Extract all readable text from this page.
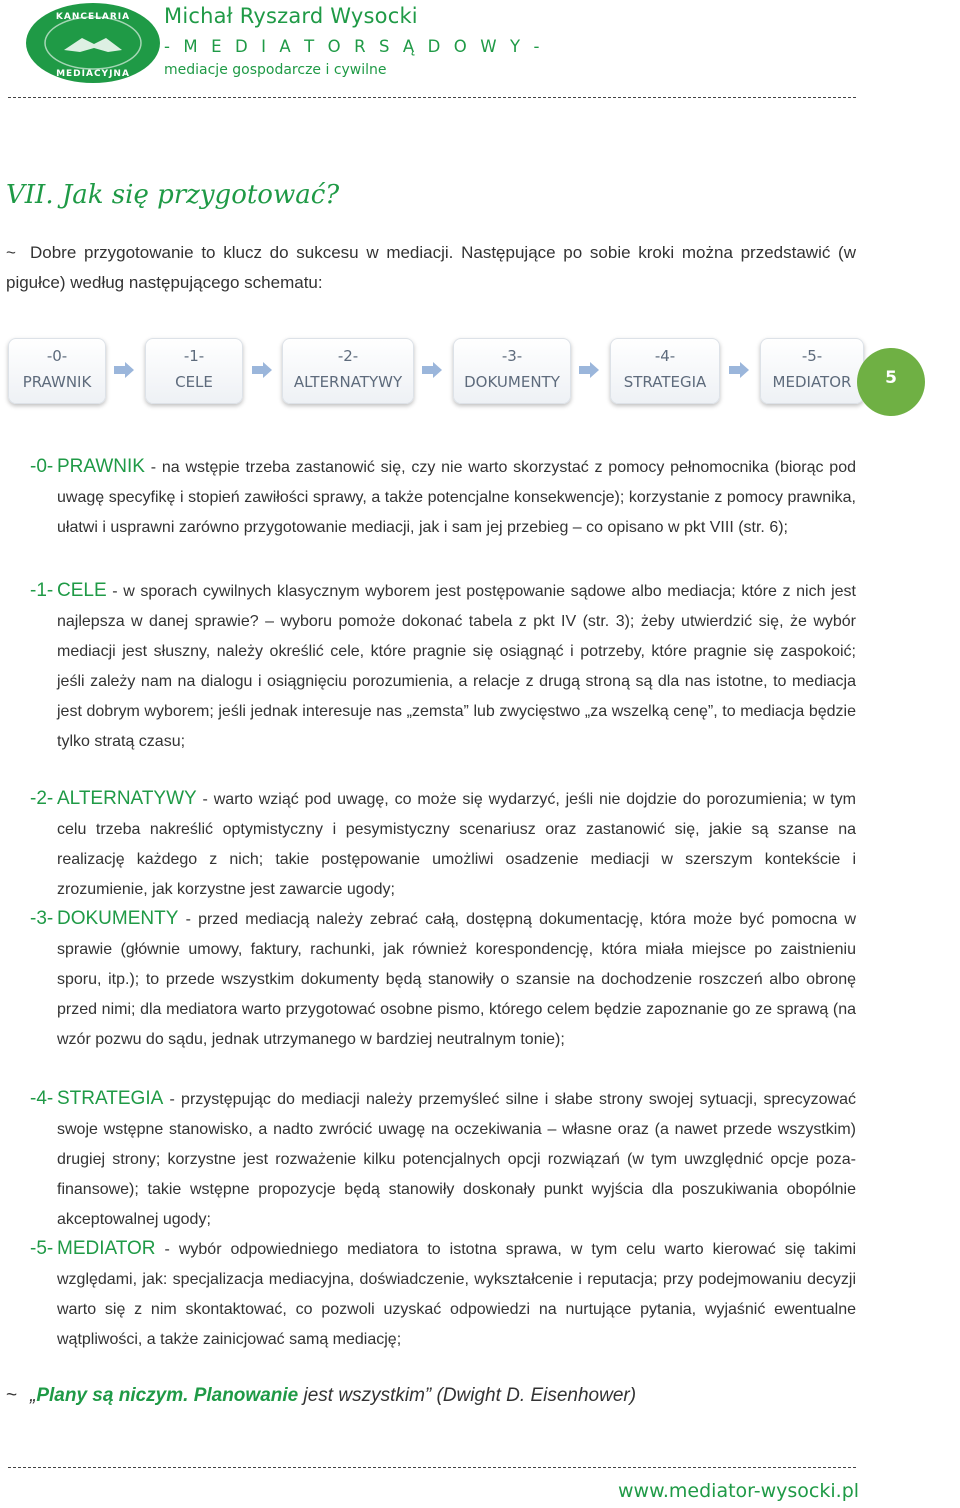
KANCELARIA
MEDIACYJNA
Michał Ryszard Wysocki
- M E D I A T O R S Ą D O W Y -
mediacje gospodarcze i cywilne
VII. Jak się przygotować?
~ Dobre przygotowanie to klucz do sukcesu w mediacji. Następujące po sobie kroki można przedstawić (w pigułce) według następującego schematu:
-0-
PRAWNIK
-1-
CELE
-2-
ALTERNATYWY
-3-
DOKUMENTY
-4-
STRATEGIA
-5-
MEDIATOR	5
-0- PRAWNIK - na wstępie trzeba zastanowić się, czy nie warto skorzystać z pomocy pełnomocnika (biorąc pod uwagę specyfikę i stopień zawiłości sprawy, a także potencjalne konsekwencje); korzystanie z pomocy prawnika, ułatwi i usprawni zarówno przygotowanie mediacji, jak i sam jej przebieg – co opisano w pkt VIII (str. 6);
-1- CELE - w sporach cywilnych klasycznym wyborem jest postępowanie sądowe albo mediacja; które z nich jest najlepsza w danej sprawie? – wyboru pomoże dokonać tabela z pkt IV (str. 3); żeby utwierdzić się, że wybór mediacji jest słuszny, należy określić cele, które pragnie się osiągnąć i potrzeby, które pragnie się zaspokoić; jeśli zależy nam na dialogu i osiągnięciu porozumienia, a relacje z drugą stroną są dla nas istotne, to mediacja jest dobrym wyborem; jeśli jednak interesuje nas „zemsta” lub zwycięstwo „za wszelką cenę”, to mediacja będzie tylko stratą czasu;
-2- ALTERNATYWY - warto wziąć pod uwagę, co może się wydarzyć, jeśli nie dojdzie do porozumienia; w tym celu trzeba nakreślić optymistyczny i pesymistyczny scenariusz oraz zastanowić się, jakie są szanse na realizację każdego z nich; takie postępowanie umożliwi osadzenie mediacji w szerszym kontekście i zrozumienie, jak korzystne jest zawarcie ugody;
-3- DOKUMENTY - przed mediacją należy zebrać całą, dostępną dokumentację, która może być pomocna w sprawie (głównie umowy, faktury, rachunki, jak również korespondencję, która miała miejsce po zaistnieniu sporu, itp.); to przede wszystkim dokumenty będą stanowiły o szansie na dochodzenie roszczeń albo obronę przed nimi; dla mediatora warto przygotować osobne pismo, którego celem będzie zapoznanie go ze sprawą (na wzór pozwu do sądu, jednak utrzymanego w bardziej neutralnym tonie);
-4- STRATEGIA - przystępując do mediacji należy przemyśleć silne i słabe strony swojej sytuacji, sprecyzować swoje wstępne stanowisko, a nadto zwrócić uwagę na oczekiwania – własne oraz (a nawet przede wszystkim) drugiej strony; korzystne jest rozważenie kilku potencjalnych opcji rozwiązań (w tym uwzględnić opcje poza-finansowe); takie wstępne propozycje będą stanowiły doskonały punkt wyjścia dla poszukiwania obopólnie akceptowalnej ugody;
-5- MEDIATOR - wybór odpowiedniego mediatora to istotna sprawa, w tym celu warto kierować się takimi względami, jak: specjalizacja mediacyjna, doświadczenie, wykształcenie i reputacja; przy podejmowaniu decyzji warto się z nim skontaktować, co pozwoli uzyskać odpowiedzi na nurtujące pytania, wyjaśnić ewentualne wątpliwości, a także zainicjować samą mediację;
~ „Plany są niczym. Planowanie jest wszystkim” (Dwight D. Eisenhower)
www.mediator-wysocki.pl
